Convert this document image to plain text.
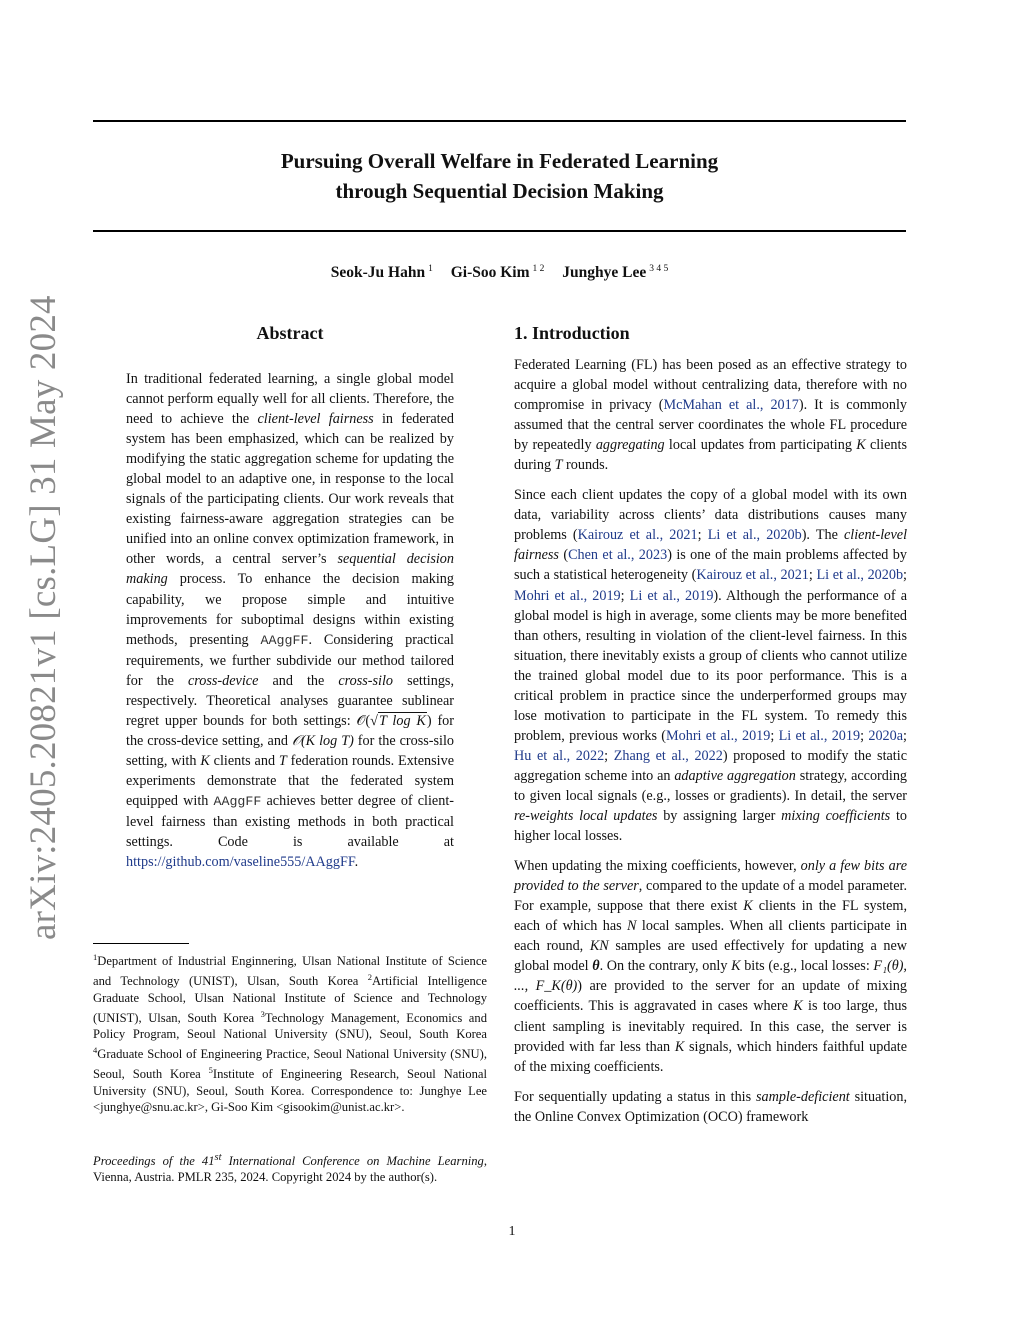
Pursuing Overall Welfare in Federated Learning
through Sequential Decision Making
Seok-Ju Hahn $^1$ Gi-Soo Kim $^{1 2}$ Junghye Lee $^{3 4 5}$
arXiv:2405.20821v1 [cs.LG] 31 May 2024	Abstract
In traditional federated learning, a single global model cannot perform equally well for all clients. Therefore, the need to achieve the client-level fairness in federated system has been emphasized, which can be realized by modifying the static aggregation scheme for updating the global model to an adaptive one, in response to the local signals of the participating clients. Our work reveals that existing fairness-aware aggregation strategies can be unified into an online convex optimization framework, in other words, a central server’s sequential decision making process. To enhance the decision making capability, we propose simple and intuitive improvements for suboptimal designs within existing methods, presenting AAggFF. Considering practical requirements, we further subdivide our method tailored for the cross-device and the cross-silo settings, respectively. Theoretical analyses guarantee sublinear regret upper bounds for both settings: 𝒪(√T log K) for the cross-device setting, and 𝒪(K log T) for the cross-silo setting, with K clients and T federation rounds. Extensive experiments demonstrate that the federated system equipped with AAggFF achieves better degree of client-level fairness than existing methods in both practical settings. Code is available at https://github.com/vaseline555/AAggFF.
$^1$Department of Industrial Enginnering, Ulsan National Institute of Science and Technology (UNIST), Ulsan, South Korea $^2$Artificial Intelligence Graduate School, Ulsan National Institute of Science and Technology (UNIST), Ulsan, South Korea $^3$Technology Management, Economics and Policy Program, Seoul National University (SNU), Seoul, South Korea $^4$Graduate School of Engineering Practice, Seoul National University (SNU), Seoul, South Korea $^5$Institute of Engineering Research, Seoul National University (SNU), Seoul, South Korea. Correspondence to: Junghye Lee <junghye@snu.ac.kr>, Gi-Soo Kim <gisookim@unist.ac.kr>.
Proceedings of the 41st International Conference on Machine Learning, Vienna, Austria. PMLR 235, 2024. Copyright 2024 by the author(s).
1. Introduction

Federated Learning (FL) has been posed as an effective strategy to acquire a global model without centralizing data, therefore with no compromise in privacy (McMahan et al., 2017). It is commonly assumed that the central server coordinates the whole FL procedure by repeatedly aggregating local updates from participating K clients during T rounds.

Since each client updates the copy of a global model with its own data, variability across clients’ data distributions causes many problems (Kairouz et al., 2021; Li et al., 2020b). The client-level fairness (Chen et al., 2023) is one of the main problems affected by such a statistical heterogeneity (Kairouz et al., 2021; Li et al., 2020b; Mohri et al., 2019; Li et al., 2019). Although the performance of a global model is high in average, some clients may be more benefited than others, resulting in violation of the client-level fairness. In this situation, there inevitably exists a group of clients who cannot utilize the trained global model due to its poor performance. This is a critical problem in practice since the underperformed groups may lose motivation to participate in the FL system. To remedy this problem, previous works (Mohri et al., 2019; Li et al., 2019; 2020a; Hu et al., 2022; Zhang et al., 2022) proposed to modify the static aggregation scheme into an adaptive aggregation strategy, according to given local signals (e.g., losses or gradients). In detail, the server re-weights local updates by assigning larger mixing coefficients to higher local losses.

When updating the mixing coefficients, however, only a few bits are provided to the server, compared to the update of a model parameter. For example, suppose that there exist K clients in the FL system, each of which has N local samples. When all clients participate in each round, KN samples are used effectively for updating a new global model θ. On the contrary, only K bits (e.g., local losses: F₁(θ), ..., F_K(θ)) are provided to the server for an update of mixing coefficients. This is aggravated in cases where K is too large, thus client sampling is inevitably required. In this case, the server is provided with far less than K signals, which hinders faithful update of the mixing coefficients.

For sequentially updating a status in this sample-deficient situation, the Online Convex Optimization (OCO) framework

1
